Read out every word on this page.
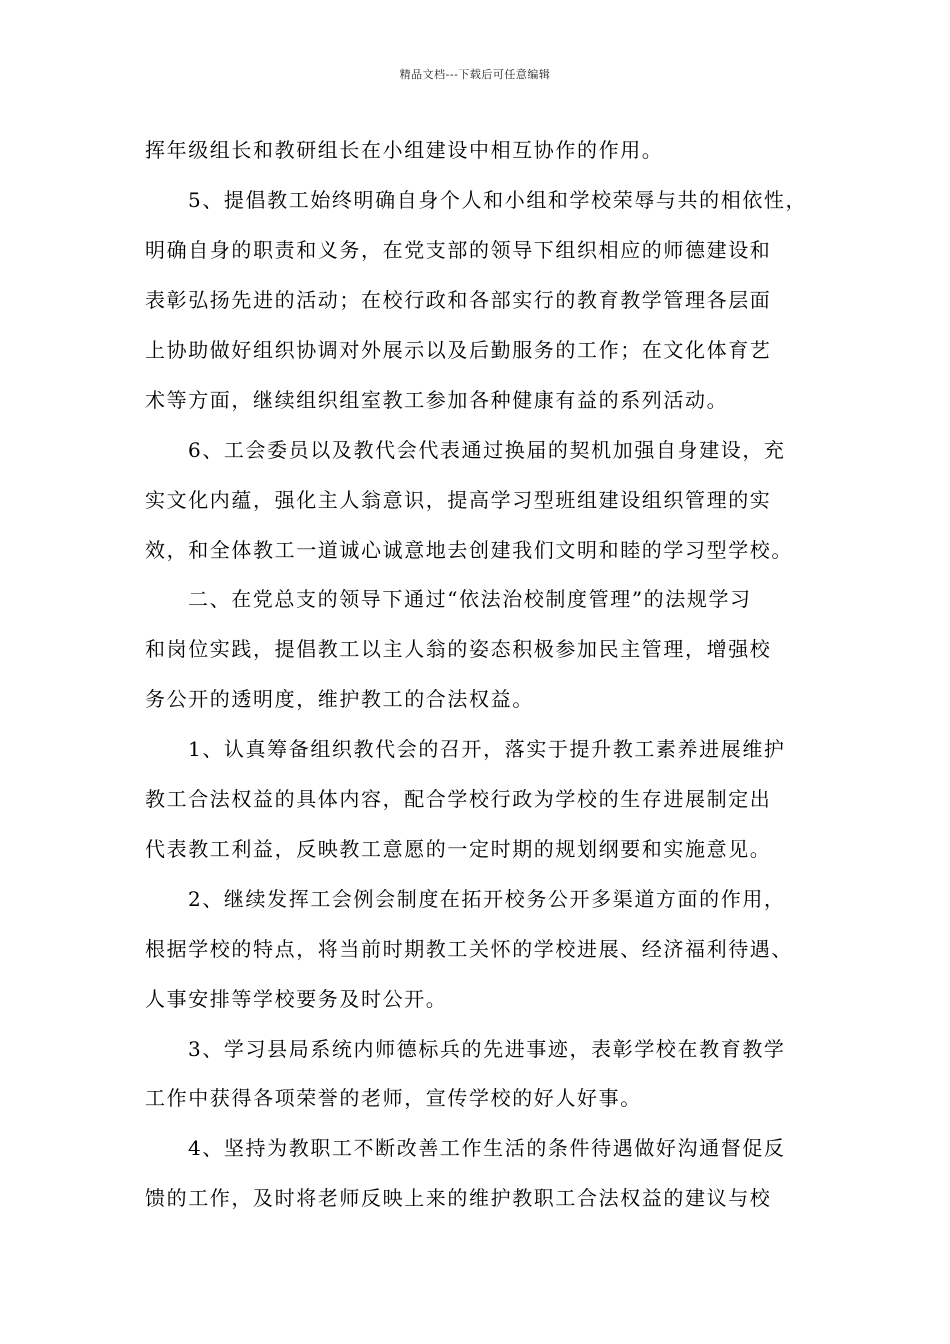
精品文档---下载后可任意编辑
挥年级组长和教研组长在小组建设中相互协作的作用。
5、提倡教工始终明确自身个人和小组和学校荣辱与共的相依性，
明确自身的职责和义务，在党支部的领导下组织相应的师德建设和
表彰弘扬先进的活动；在校行政和各部实行的教育教学管理各层面
上协助做好组织协调对外展示以及后勤服务的工作；在文化体育艺
术等方面，继续组织组室教工参加各种健康有益的系列活动。
6、工会委员以及教代会代表通过换届的契机加强自身建设，充
实文化内蕴，强化主人翁意识，提高学习型班组建设组织管理的实
效，和全体教工一道诚心诚意地去创建我们文明和睦的学习型学校。
二、在党总支的领导下通过“依法治校制度管理”的法规学习
和岗位实践，提倡教工以主人翁的姿态积极参加民主管理，增强校
务公开的透明度，维护教工的合法权益。
1、认真筹备组织教代会的召开，落实于提升教工素养进展维护
教工合法权益的具体内容，配合学校行政为学校的生存进展制定出
代表教工利益，反映教工意愿的一定时期的规划纲要和实施意见。
2、继续发挥工会例会制度在拓开校务公开多渠道方面的作用，
根据学校的特点，将当前时期教工关怀的学校进展、经济福利待遇、
人事安排等学校要务及时公开。
3、学习县局系统内师德标兵的先进事迹，表彰学校在教育教学
工作中获得各项荣誉的老师，宣传学校的好人好事。
4、坚持为教职工不断改善工作生活的条件待遇做好沟通督促反
馈的工作，及时将老师反映上来的维护教职工合法权益的建议与校
